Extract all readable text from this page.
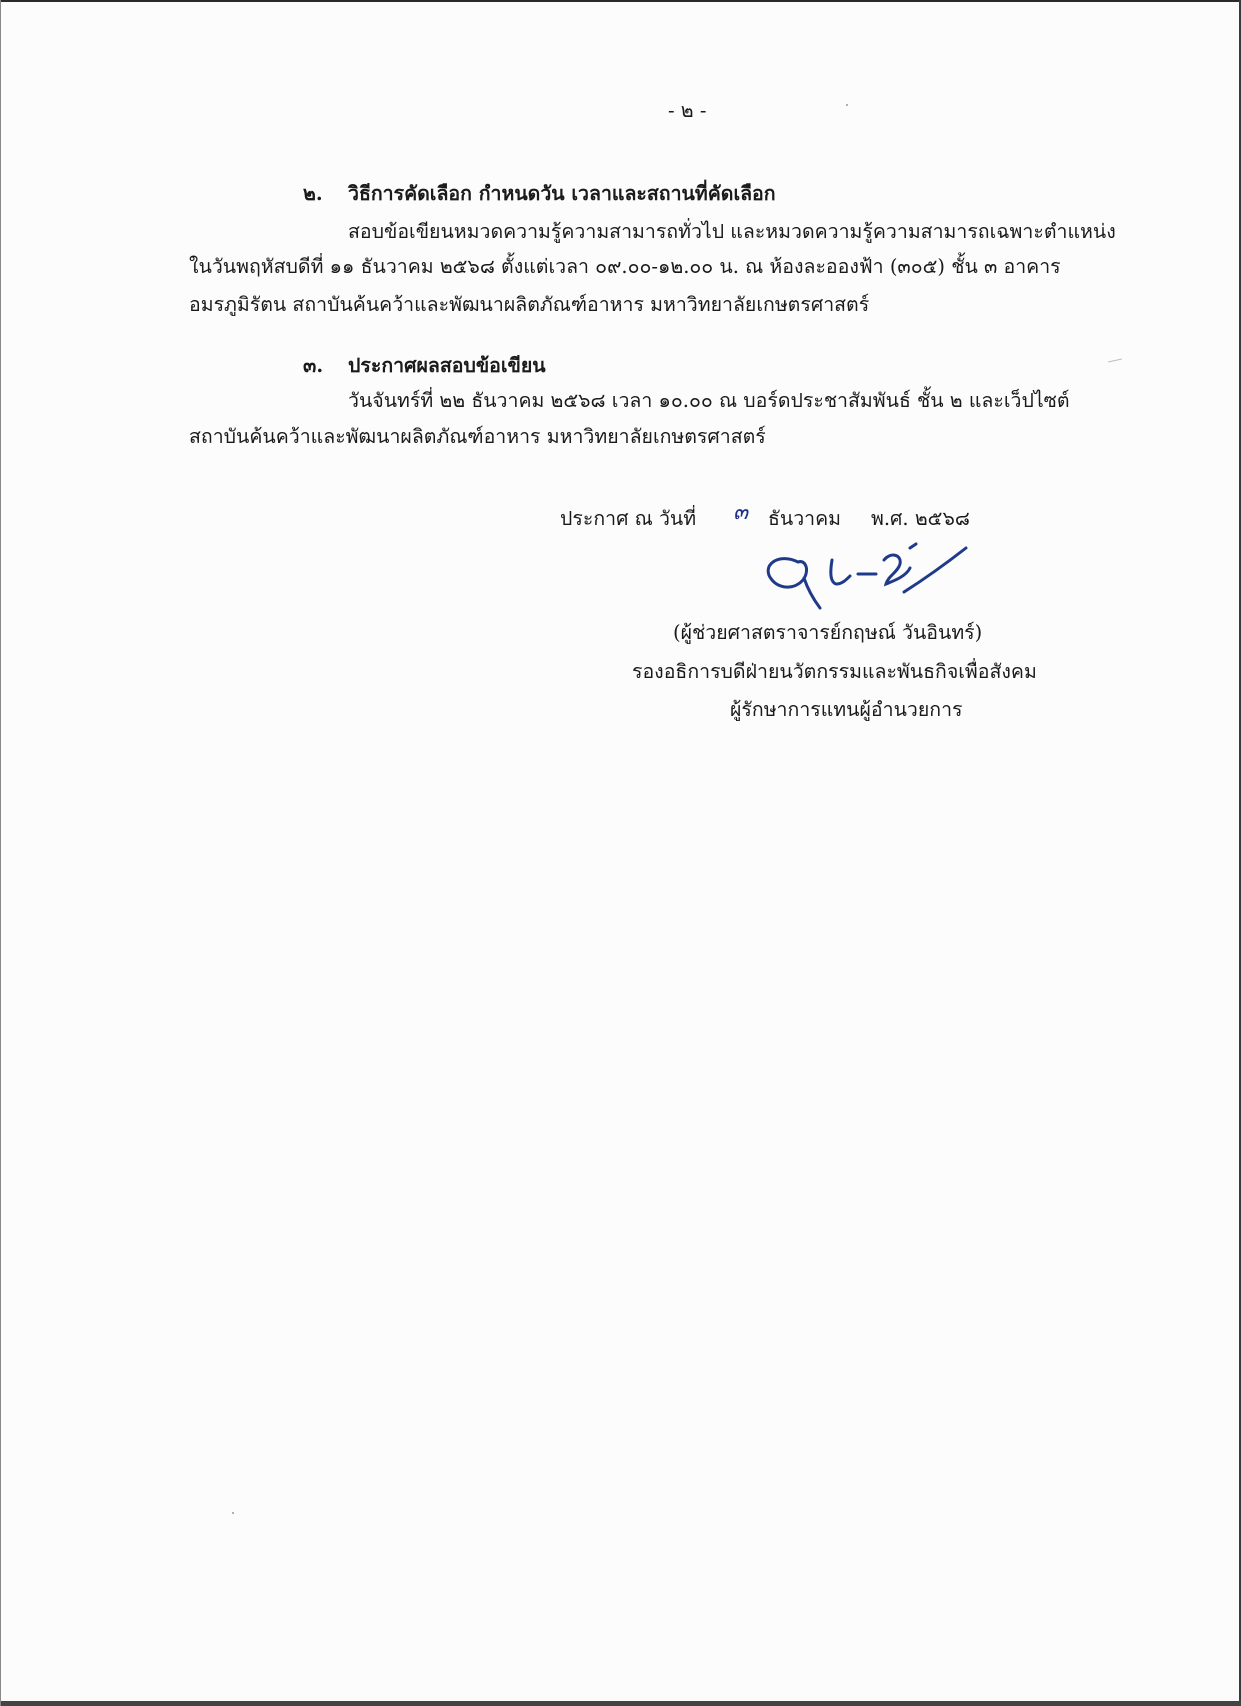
- ๒ -
๒. วิธีการคัดเลือก กำหนดวัน เวลาและสถานที่คัดเลือก
สอบข้อเขียนหมวดความรู้ความสามารถทั่วไป และหมวดความรู้ความสามารถเฉพาะตำแหน่ง
ในวันพฤหัสบดีที่ ๑๑ ธันวาคม ๒๕๖๘ ตั้งแต่เวลา ๐๙.๐๐-๑๒.๐๐ น. ณ ห้องละอองฟ้า (๓๐๕) ชั้น ๓ อาคาร
อมรภูมิรัตน สถาบันค้นคว้าและพัฒนาผลิตภัณฑ์อาหาร มหาวิทยาลัยเกษตรศาสตร์
๓. ประกาศผลสอบข้อเขียน
วันจันทร์ที่ ๒๒ ธันวาคม ๒๕๖๘ เวลา ๑๐.๐๐ ณ บอร์ดประชาสัมพันธ์ ชั้น ๒ และเว็ปไซต์
สถาบันค้นคว้าและพัฒนาผลิตภัณฑ์อาหาร มหาวิทยาลัยเกษตรศาสตร์
ประกาศ ณ วันที่ ๓ ธันวาคม พ.ศ. ๒๕๖๘
(ผู้ช่วยศาสตราจารย์กฤษณ์ วันอินทร์)
รองอธิการบดีฝ่ายนวัตกรรมและพันธกิจเพื่อสังคม
ผู้รักษาการแทนผู้อำนวยการ
